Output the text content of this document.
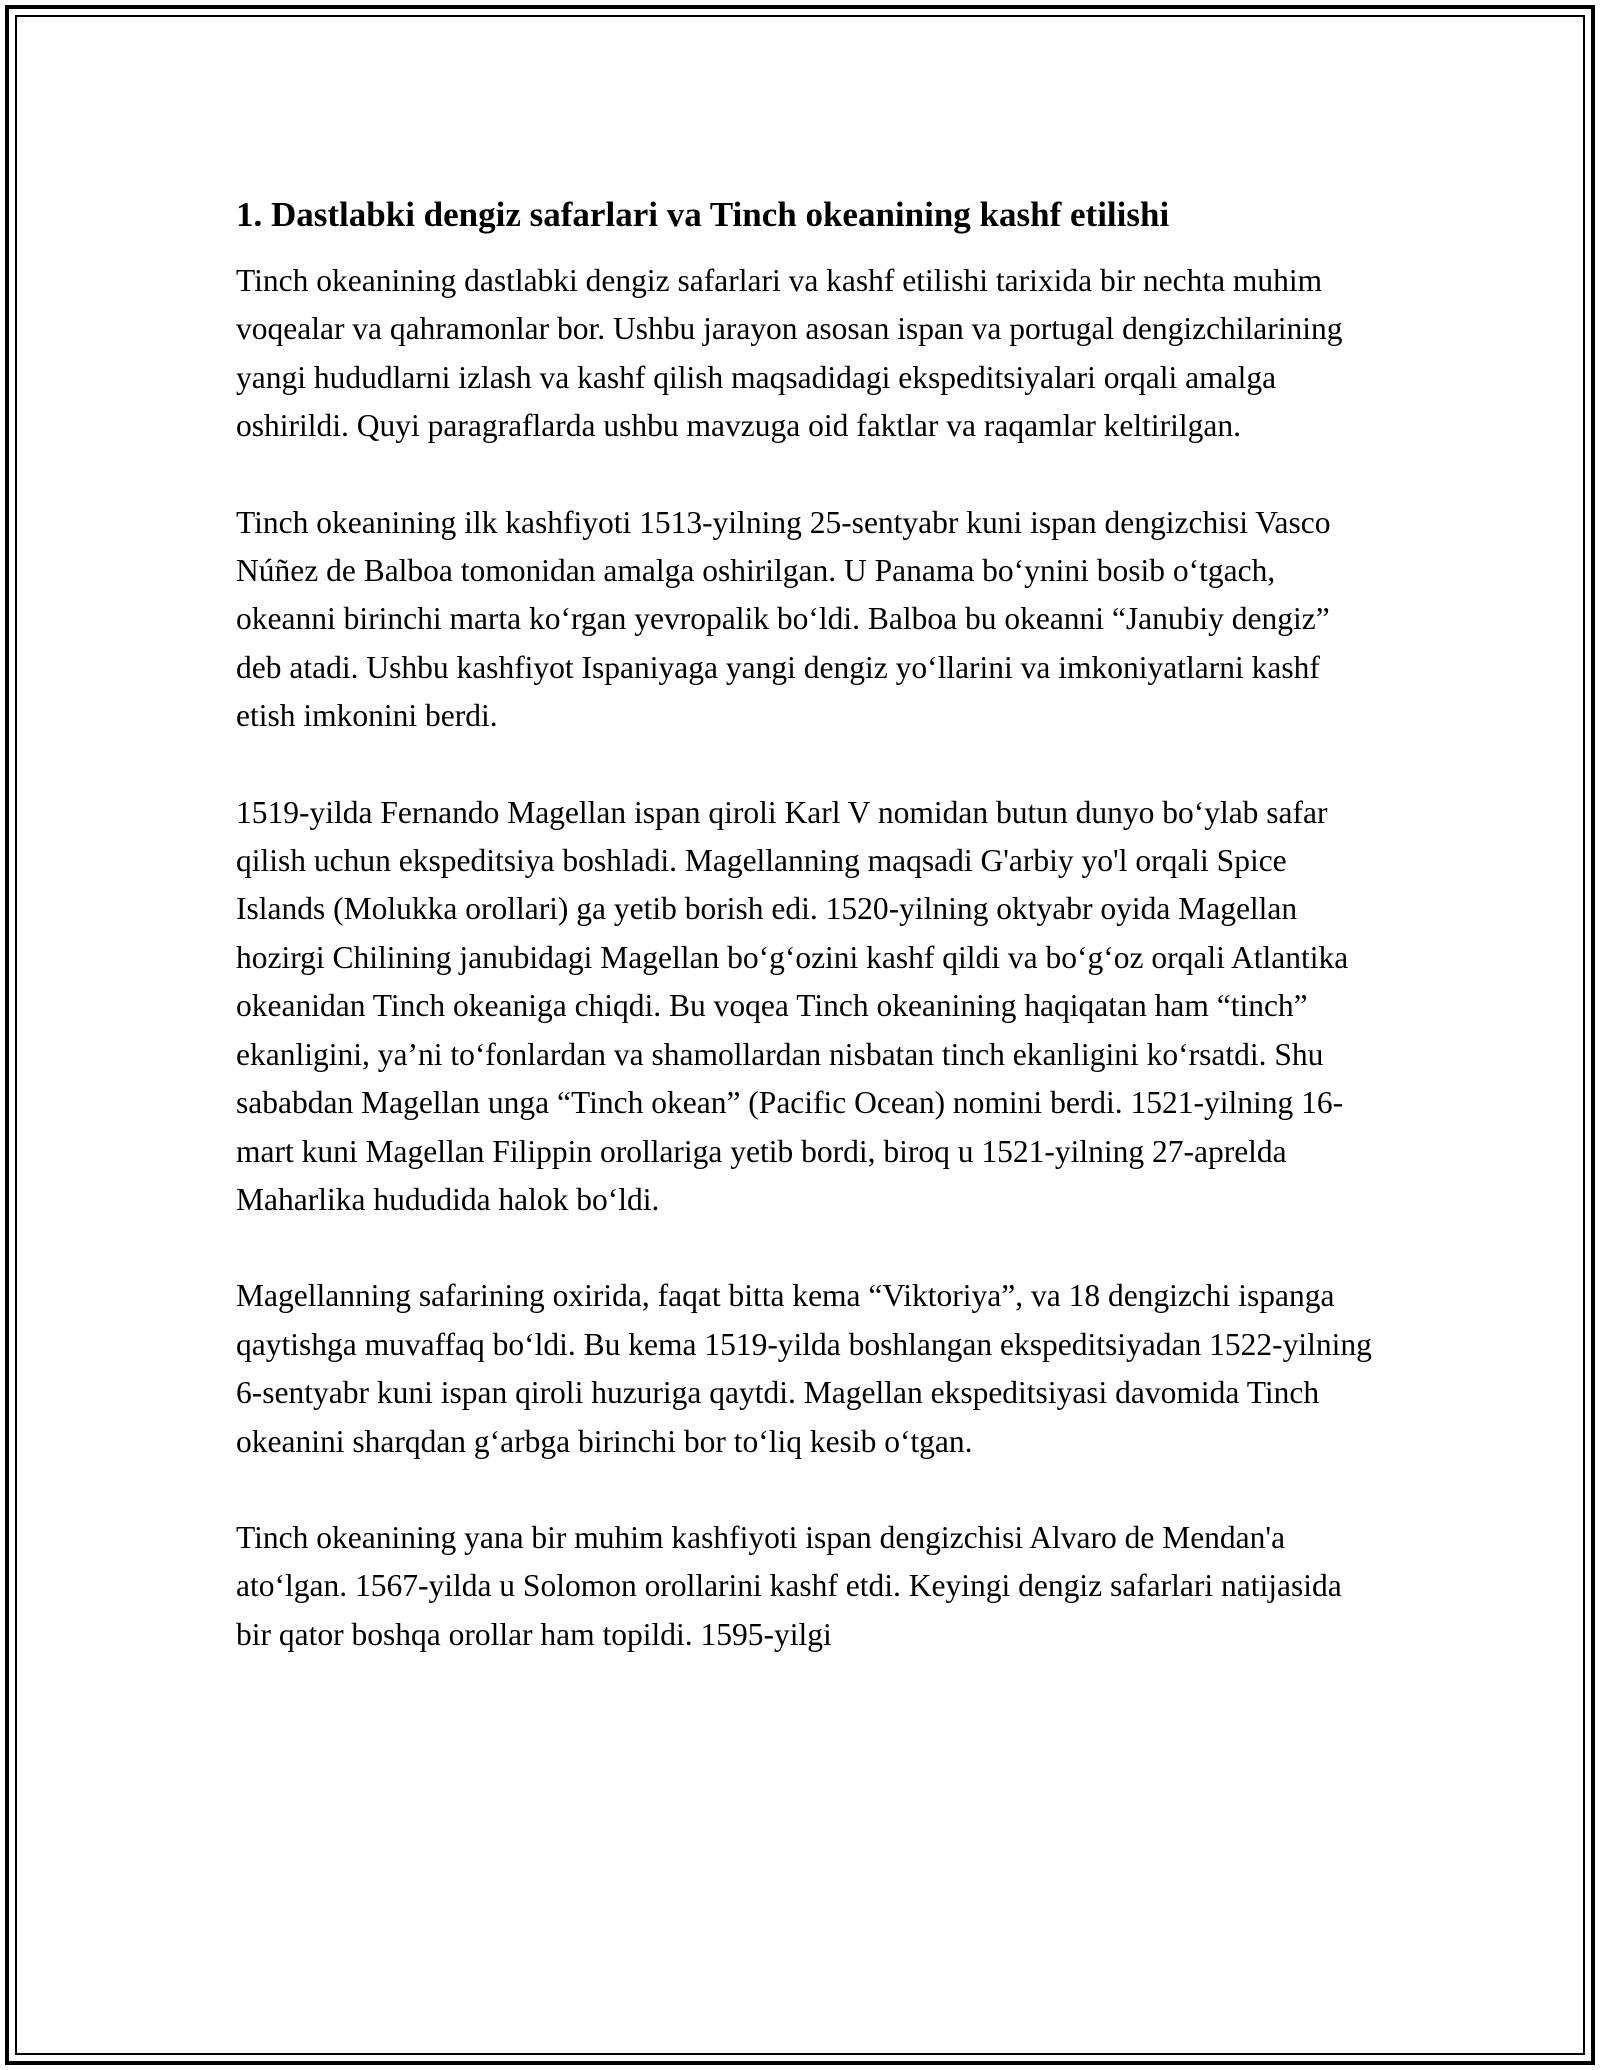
1. Dastlabki dengiz safarlari va Tinch okeanining kashf etilishi

Tinch okeanining dastlabki dengiz safarlari va kashf etilishi tarixida bir nechta muhim voqealar va qahramonlar bor. Ushbu jarayon asosan ispan va portugal dengizchilarining yangi hududlarni izlash va kashf qilish maqsadidagi ekspeditsiyalari orqali amalga oshirildi. Quyi paragraflarda ushbu mavzuga oid faktlar va raqamlar keltirilgan.

Tinch okeanining ilk kashfiyoti 1513-yilning 25-sentyabr kuni ispan dengizchisi Vasco Núñez de Balboa tomonidan amalga oshirilgan. U Panama boʻynini bosib oʻtgach, okeanni birinchi marta koʻrgan yevropalik boʻldi. Balboa bu okeanni “Janubiy dengiz” deb atadi. Ushbu kashfiyot Ispaniyaga yangi dengiz yoʻllarini va imkoniyatlarni kashf etish imkonini berdi.

1519-yilda Fernando Magellan ispan qiroli Karl V nomidan butun dunyo boʻylab safar qilish uchun ekspeditsiya boshladi. Magellanning maqsadi G'arbiy yo'l orqali Spice Islands (Molukka orollari) ga yetib borish edi. 1520-yilning oktyabr oyida Magellan hozirgi Chilining janubidagi Magellan boʻgʻozini kashf qildi va boʻgʻoz orqali Atlantika okeanidan Tinch okeaniga chiqdi. Bu voqea Tinch okeanining haqiqatan ham “tinch” ekanligini, yaʼni toʻfonlardan va shamollardan nisbatan tinch ekanligini koʻrsatdi. Shu sababdan Magellan unga “Tinch okean” (Pacific Ocean) nomini berdi. 1521-yilning 16-mart kuni Magellan Filippin orollariga yetib bordi, biroq u 1521-yilning 27-aprelda Maharlika hududida halok boʻldi.

Magellanning safarining oxirida, faqat bitta kema “Viktoriya”, va 18 dengizchi ispanga qaytishga muvaffaq boʻldi. Bu kema 1519-yilda boshlangan ekspeditsiyadan 1522-yilning 6-sentyabr kuni ispan qiroli huzuriga qaytdi. Magellan ekspeditsiyasi davomida Tinch okeanini sharqdan gʻarbga birinchi bor toʻliq kesib oʻtgan.

Tinch okeanining yana bir muhim kashfiyoti ispan dengizchisi Alvaro de Mendan'a atoʻlgan. 1567-yilda u Solomon orollarini kashf etdi. Keyingi dengiz safarlari natijasida bir qator boshqa orollar ham topildi. 1595-yilgi
